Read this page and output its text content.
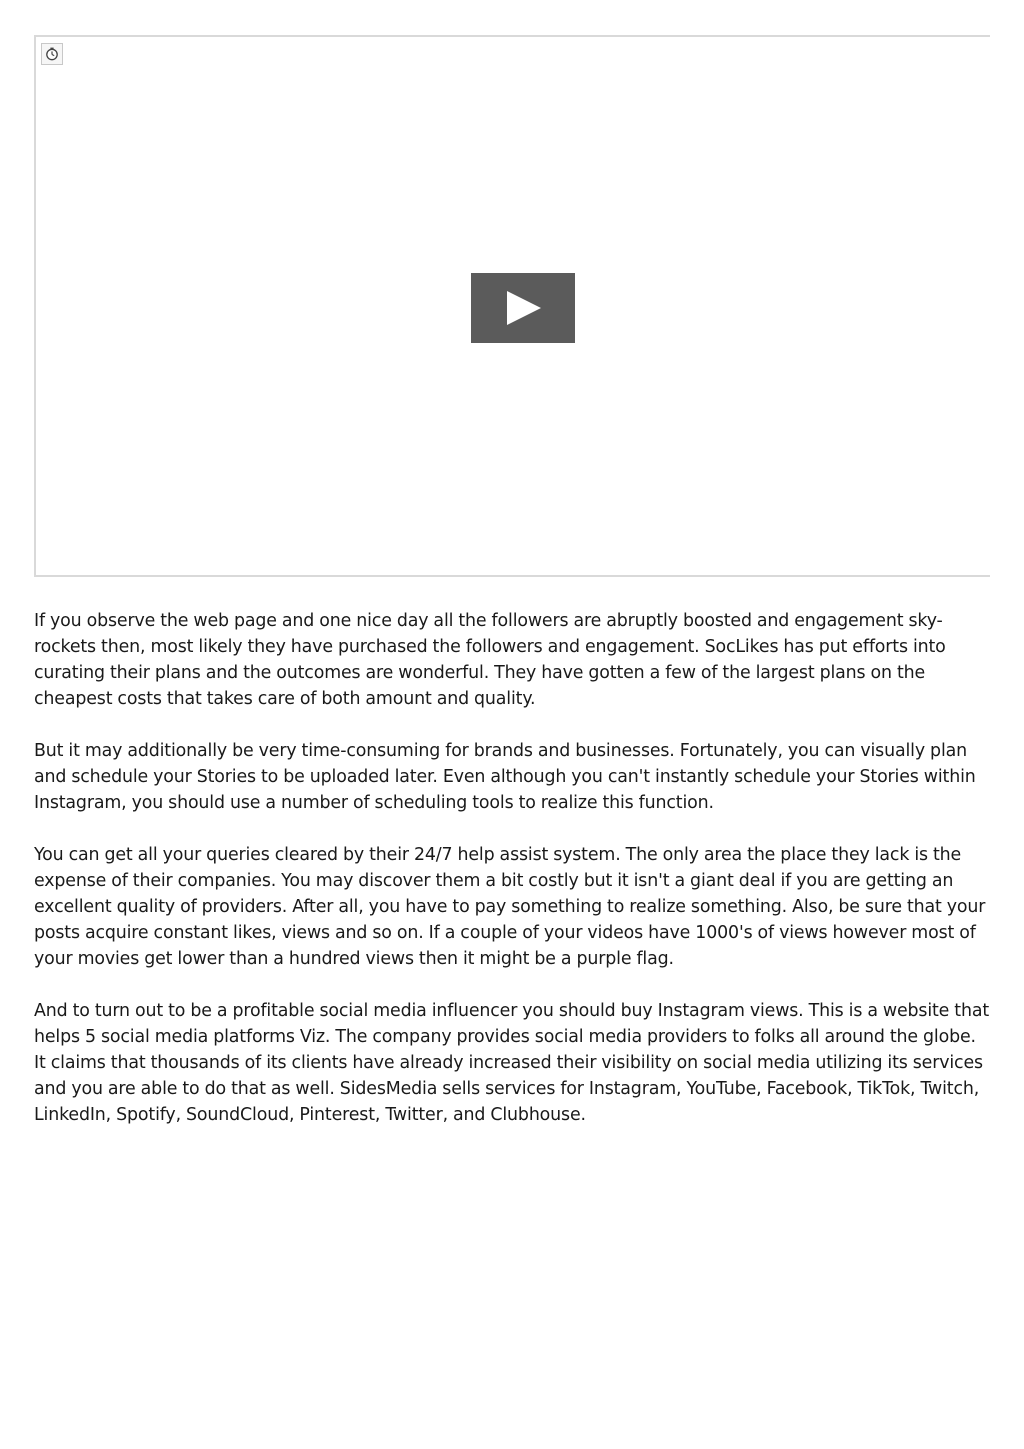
If you observe the web page and one nice day all the followers are abruptly boosted and engagement sky-rockets then, most likely they have purchased the followers and engagement. SocLikes has put efforts into curating their plans and the outcomes are wonderful. They have gotten a few of the largest plans on the cheapest costs that takes care of both amount and quality.

But it may additionally be very time-consuming for brands and businesses. Fortunately, you can visually plan and schedule your Stories to be uploaded later. Even although you can't instantly schedule your Stories within Instagram, you should use a number of scheduling tools to realize this function.

You can get all your queries cleared by their 24/7 help assist system. The only area the place they lack is the expense of their companies. You may discover them a bit costly but it isn't a giant deal if you are getting an excellent quality of providers. After all, you have to pay something to realize something. Also, be sure that your posts acquire constant likes, views and so on. If a couple of your videos have 1000's of views however most of your movies get lower than a hundred views then it might be a purple flag.

And to turn out to be a profitable social media influencer you should buy Instagram views. This is a website that helps 5 social media platforms Viz. The company provides social media providers to folks all around the globe. It claims that thousands of its clients have already increased their visibility on social media utilizing its services and you are able to do that as well. SidesMedia sells services for Instagram, YouTube, Facebook, TikTok, Twitch, LinkedIn, Spotify, SoundCloud, Pinterest, Twitter, and Clubhouse.
